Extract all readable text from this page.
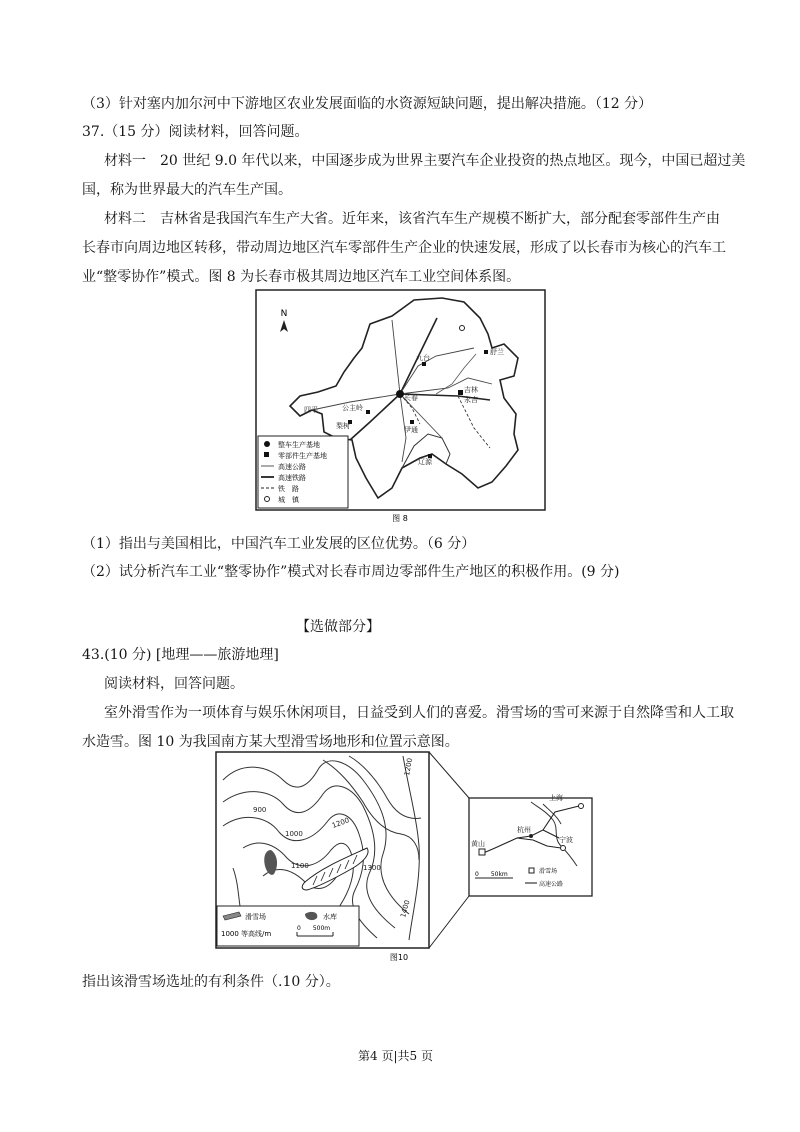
（3）针对塞内加尔河中下游地区农业发展面临的水资源短缺问题，提出解决措施。（12 分）
37.（15 分）阅读材料，回答问题。
材料一　20 世纪 9.0 年代以来，中国逐步成为世界主要汽车企业投资的热点地区。现今，中国已超过美
国，称为世界最大的汽车生产国。
材料二　吉林省是我国汽车生产大省。近年来，该省汽车生产规模不断扩大，部分配套零部件生产由
长春市向周边地区转移，带动周边地区汽车零部件生产企业的快速发展，形成了以长春市为核心的汽车工
业“整零协作”模式。图 8 为长春市极其周边地区汽车工业空间体系图。
N
九台
舒兰
长春
吉林
永吉
公主岭
梨树	伊通
四平
辽源
整车生产基地
零部件生产基地
高速公路
高速铁路
铁　路
城　镇
图 8
（1）指出与美国相比，中国汽车工业发展的区位优势。（6 分）
（2）试分析汽车工业“整零协作”模式对长春市周边零部件生产地区的积极作用。(9 分)
【选做部分】
43.(10 分) [地理——旅游地理]
阅读材料，回答问题。
室外滑雪作为一项体育与娱乐休闲项目，日益受到人们的喜爱。滑雪场的雪可来源于自然降雪和人工取
水造雪。图 10 为我国南方某大型滑雪场地形和位置示意图。
1200
900
1000
1100
1200
1300
1400
滑雪场	水库
1000 等高线/m
0　　500m
上海
杭州
宁波
黄山
0　　50km	滑雪场
高速公路
图10
指出该滑雪场选址的有利条件（.10 分）。
第4 页|共5 页
